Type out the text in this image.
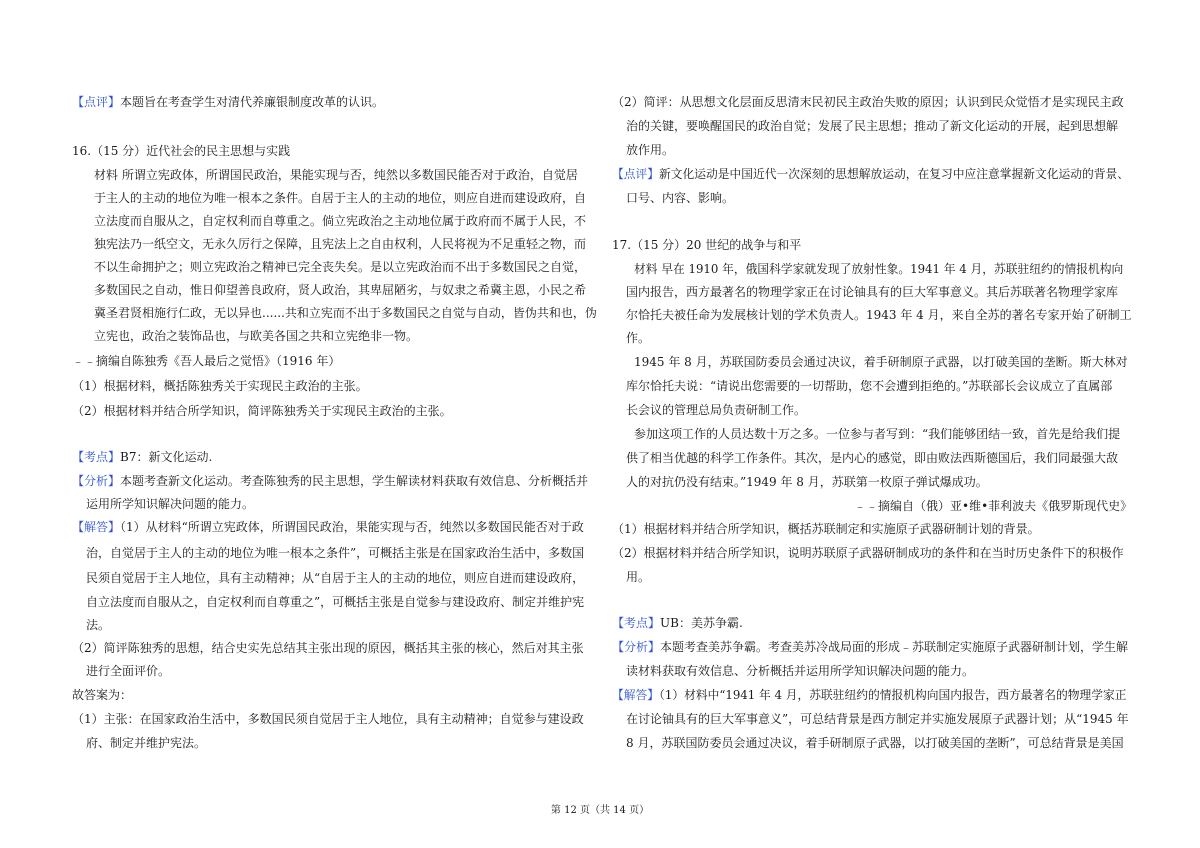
【点评】本题旨在考查学生对清代养廉银制度改革的认识。
16.（15 分）近代社会的民主思想与实践
材料 所谓立宪政体，所谓国民政治，果能实现与否，纯然以多数国民能否对于政治，自觉居
于主人的主动的地位为唯一根本之条件。自居于主人的主动的地位，则应自进而建设政府，自
立法度而自服从之，自定权利而自尊重之。倘立宪政治之主动地位属于政府而不属于人民，不
独宪法乃一纸空文，无永久厉行之保障，且宪法上之自由权利，人民将视为不足重轻之物，而
不以生命拥护之；则立宪政治之精神已完全丧失矣。是以立宪政治而不出于多数国民之自觉，
多数国民之自动，惟日仰望善良政府，贤人政治，其卑屈陋劣，与奴隶之希冀主恩，小民之希
冀圣君贤相施行仁政，无以异也......共和立宪而不出于多数国民之自觉与自动，皆伪共和也，伪
立宪也，政治之装饰品也，与欧美各国之共和立宪绝非一物。
﹣﹣摘编自陈独秀《吾人最后之觉悟》（1916 年）
（1）根据材料，概括陈独秀关于实现民主政治的主张。
（2）根据材料并结合所学知识，简评陈独秀关于实现民主政治的主张。
【考点】B7：新文化运动.
【分析】本题考查新文化运动。考查陈独秀的民主思想，学生解读材料获取有效信息、分析概括并
运用所学知识解决问题的能力。
【解答】（1）从材料“所谓立宪政体，所谓国民政治，果能实现与否，纯然以多数国民能否对于政
治，自觉居于主人的主动的地位为唯一根本之条件”，可概括主张是在国家政治生活中，多数国
民须自觉居于主人地位，具有主动精神；从“自居于主人的主动的地位，则应自进而建设政府，
自立法度而自服从之，自定权利而自尊重之”，可概括主张是自觉参与建设政府、制定并维护宪
法。
（2）简评陈独秀的思想，结合史实先总结其主张出现的原因，概括其主张的核心，然后对其主张
进行全面评价。
故答案为：
（1）主张：在国家政治生活中，多数国民须自觉居于主人地位，具有主动精神；自觉参与建设政
府、制定并维护宪法。
（2）简评：从思想文化层面反思清末民初民主政治失败的原因；认识到民众觉悟才是实现民主政
治的关键，要唤醒国民的政治自觉；发展了民主思想；推动了新文化运动的开展，起到思想解
放作用。
【点评】新文化运动是中国近代一次深刻的思想解放运动，在复习中应注意掌握新文化运动的背景、
口号、内容、影响。
17.（15 分）20 世纪的战争与和平
材料 早在 1910 年，俄国科学家就发现了放射性象。1941 年 4 月，苏联驻纽约的情报机构向
国内报告，西方最著名的物理学家正在讨论铀具有的巨大军事意义。其后苏联著名物理学家库
尔恰托夫被任命为发展核计划的学术负责人。1943 年 4 月，来自全苏的著名专家开始了研制工
作。
1945 年 8 月，苏联国防委员会通过决议，着手研制原子武器，以打破美国的垄断。斯大林对
库尔恰托夫说：“请说出您需要的一切帮助，您不会遭到拒绝的。”苏联部长会议成立了直属部
长会议的管理总局负责研制工作。
参加这项工作的人员达数十万之多。一位参与者写到：“我们能够团结一致，首先是给我们提
供了相当优越的科学工作条件。其次，是内心的感觉，即由败法西斯德国后，我们同最强大敌
人的对抗仍没有结束。”1949 年 8 月，苏联第一枚原子弹试爆成功。
﹣﹣摘编自（俄）亚•维•菲利波夫《俄罗斯现代史》
（1）根据材料并结合所学知识，概括苏联制定和实施原子武器研制计划的背景。
（2）根据材料并结合所学知识，说明苏联原子武器研制成功的条件和在当时历史条件下的积极作
用。
【考点】UB：美苏争霸.
【分析】本题考查美苏争霸。考查美苏冷战局面的形成﹣苏联制定实施原子武器研制计划，学生解
读材料获取有效信息、分析概括并运用所学知识解决问题的能力。
【解答】（1）材料中“1941 年 4 月，苏联驻纽约的情报机构向国内报告，西方最著名的物理学家正
在讨论铀具有的巨大军事意义”，可总结背景是西方制定并实施发展原子武器计划；从“1945 年
8 月，苏联国防委员会通过决议，着手研制原子武器，以打破美国的垄断”，可总结背景是美国
第 12 页（共 14 页）
